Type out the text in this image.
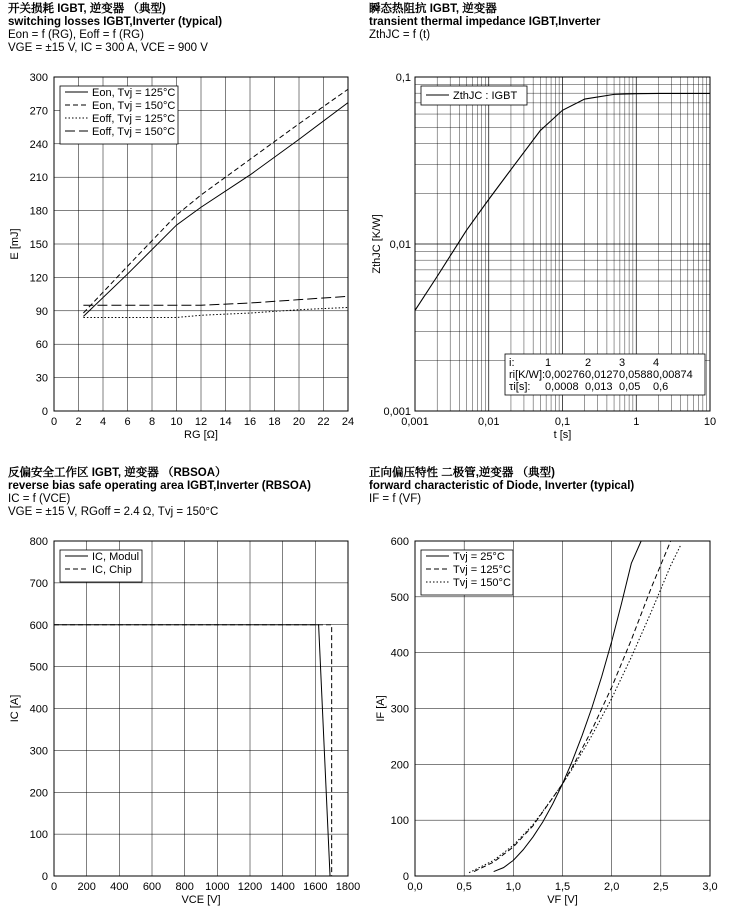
开关损耗 IGBT, 逆变器 （典型)
switching losses IGBT,Inverter (typical)
Eon = f (RG), Eoff = f (RG)
VGE = ±15 V, IC = 300 A, VCE = 900 V
瞬态热阻抗 IGBT, 逆变器
transient thermal impedance IGBT,Inverter
ZthJC = f (t)
反偏安全工作区 IGBT, 逆变器 （RBSOA）
reverse bias safe operating area IGBT,Inverter (RBSOA)
IC = f (VCE)
VGE = ±15 V, RGoff = 2.4 Ω, Tvj = 150°C
正向偏压特性 二极管,逆变器 （典型)
forward characteristic of Diode, Inverter (typical)
IF = f (VF)
0 2 4 6 8 10 12 14 16 18 20 22 24
0
30
60
90
120
150
180
210
240
270
300
Eon, Tvj = 125°C
Eon, Tvj = 150°C
Eoff, Tvj = 125°C
Eoff, Tvj = 150°C
RG [Ω]
E [mJ]
0 200 400 600 800 1000 1200 1400 1600 1800
0
100
200
300
400
500
600
700
800
IC, Modul
IC, Chip
VCE [V]
IC [A]
0,0	0,5	1,0	1,5	2,0	2,5	3,0
0
100
200
300
400
500
600
Tvj = 25°C
Tvj = 125°C
Tvj = 150°C
VF [V]
IF [A]
0,001	0,01	0,1	1	10
0,001
0,01
0,1
ZthJC : IGBT
i:	1	2	3	4
ri[K/W]: 0,00276 0,0127 0,0588 0,00874
τi[s]: 0,0008 0,013 0,05 0,6
t [s]
ZthJC [K/W]
